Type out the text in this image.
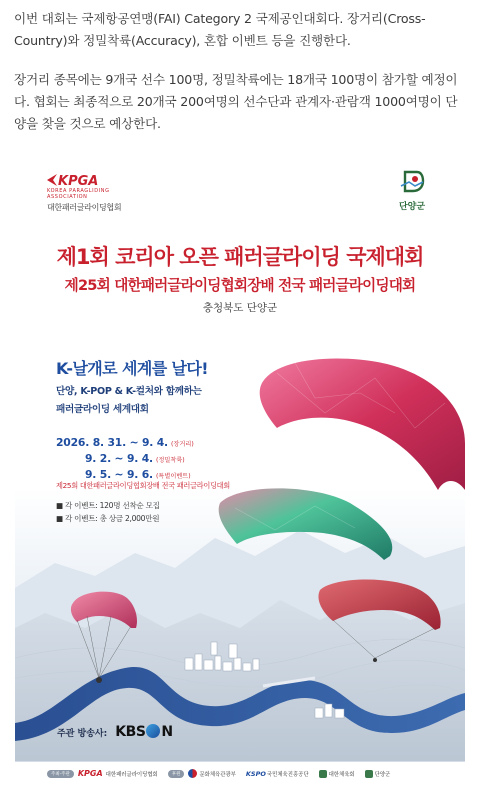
이번 대회는 국제항공연맹(FAI) Category 2 국제공인대회다. 장거리(Cross-Country)와 정밀착륙(Accuracy), 혼합 이벤트 등을 진행한다.

장거리 종목에는 9개국 선수 100명, 정밀착륙에는 18개국 100명이 참가할 예정이다. 협회는 최종적으로 20개국 200여명의 선수단과 관계자·관람객 1000여명이 단양을 찾을 것으로 예상한다.

KPGA
KOREA PARAGLIDING ASSOCIATION
대한패러글라이딩협회	단양군
제1회 코리아 오픈 패러글라이딩 국제대회
제25회 대한패러글라이딩협회장배 전국 패러글라이딩대회
충청북도 단양군
K-날개로 세계를 날다!
단양, K-POP & K-컬처와 함께하는
패러글라이딩 세계대회
2026. 8. 31. ~ 9. 4. (장거리)
9. 2. ~ 9. 4. (정밀착륙)
9. 5. ~ 9. 6. (특별이벤트)
제25회 대한패러글라이딩협회장배 전국 패러글라이딩대회
■ 각 이벤트: 120명 선착순 모집
■ 각 이벤트: 총 상금 2,000만원
주관 방송사: KBS N
주최·주관	KPGA 대한패러글라이딩협회	후원	문화체육관광부 KSPO 국민체육진흥공단	대한체육회	단양군
